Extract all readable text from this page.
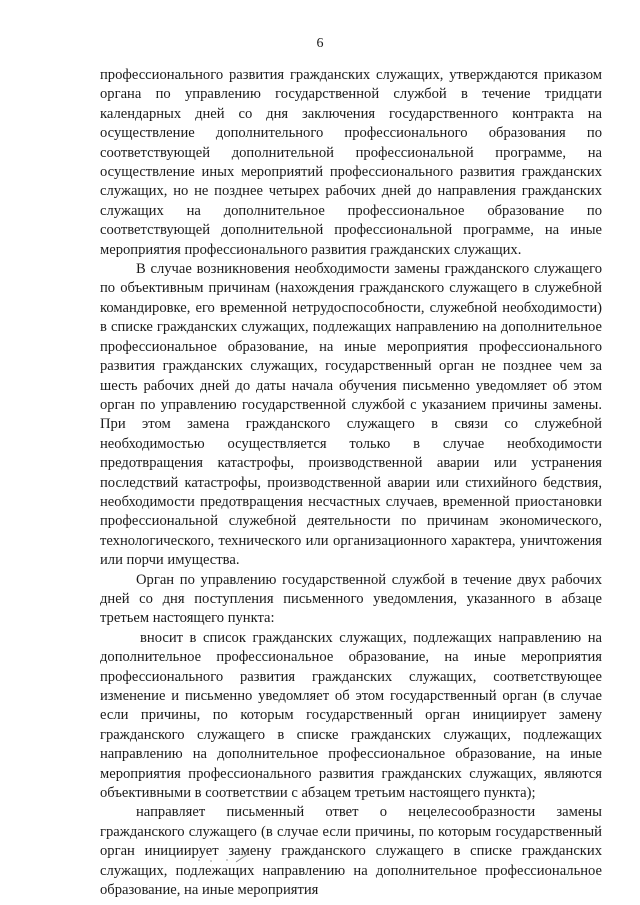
6

профессионального развития гражданских служащих, утверждаются приказом органа по управлению государственной службой в течение тридцати календарных дней со дня заключения государственного контракта на осуществление дополнительного профессионального образования по соответствующей дополнительной профессиональной программе, на осуществление иных мероприятий профессионального развития гражданских служащих, но не позднее четырех рабочих дней до направления гражданских служащих на дополнительное профессиональное образование по соответствующей дополнительной профессиональной программе, на иные мероприятия профессионального развития гражданских служащих.

В случае возникновения необходимости замены гражданского служащего по объективным причинам (нахождения гражданского служащего в служебной командировке, его временной нетрудоспособности, служебной необходимости) в списке гражданских служащих, подлежащих направлению на дополнительное профессиональное образование, на иные мероприятия профессионального развития гражданских служащих, государственный орган не позднее чем за шесть рабочих дней до даты начала обучения письменно уведомляет об этом орган по управлению государственной службой с указанием причины замены. При этом замена гражданского служащего в связи со служебной необходимостью осуществляется только в случае необходимости предотвращения катастрофы, производственной аварии или устранения последствий катастрофы, производственной аварии или стихийного бедствия, необходимости предотвращения несчастных случаев, временной приостановки профессиональной служебной деятельности по причинам экономического, технологического, технического или организационного характера, уничтожения или порчи имущества.

Орган по управлению государственной службой в течение двух рабочих дней со дня поступления письменного уведомления, указанного в абзаце третьем настоящего пункта:

вносит в список гражданских служащих, подлежащих направлению на дополнительное профессиональное образование, на иные мероприятия профессионального развития гражданских служащих, соответствующее изменение и письменно уведомляет об этом государственный орган (в случае если причины, по которым государственный орган инициирует замену гражданского служащего в списке гражданских служащих, подлежащих направлению на дополнительное профессиональное образование, на иные мероприятия профессионального развития гражданских служащих, являются объективными в соответствии с абзацем третьим настоящего пункта);

направляет письменный ответ о нецелесообразности замены гражданского служащего (в случае если причины, по которым государственный орган инициирует замену гражданского служащего в списке гражданских служащих, подлежащих направлению на дополнительное профессиональное образование, на иные мероприятия
